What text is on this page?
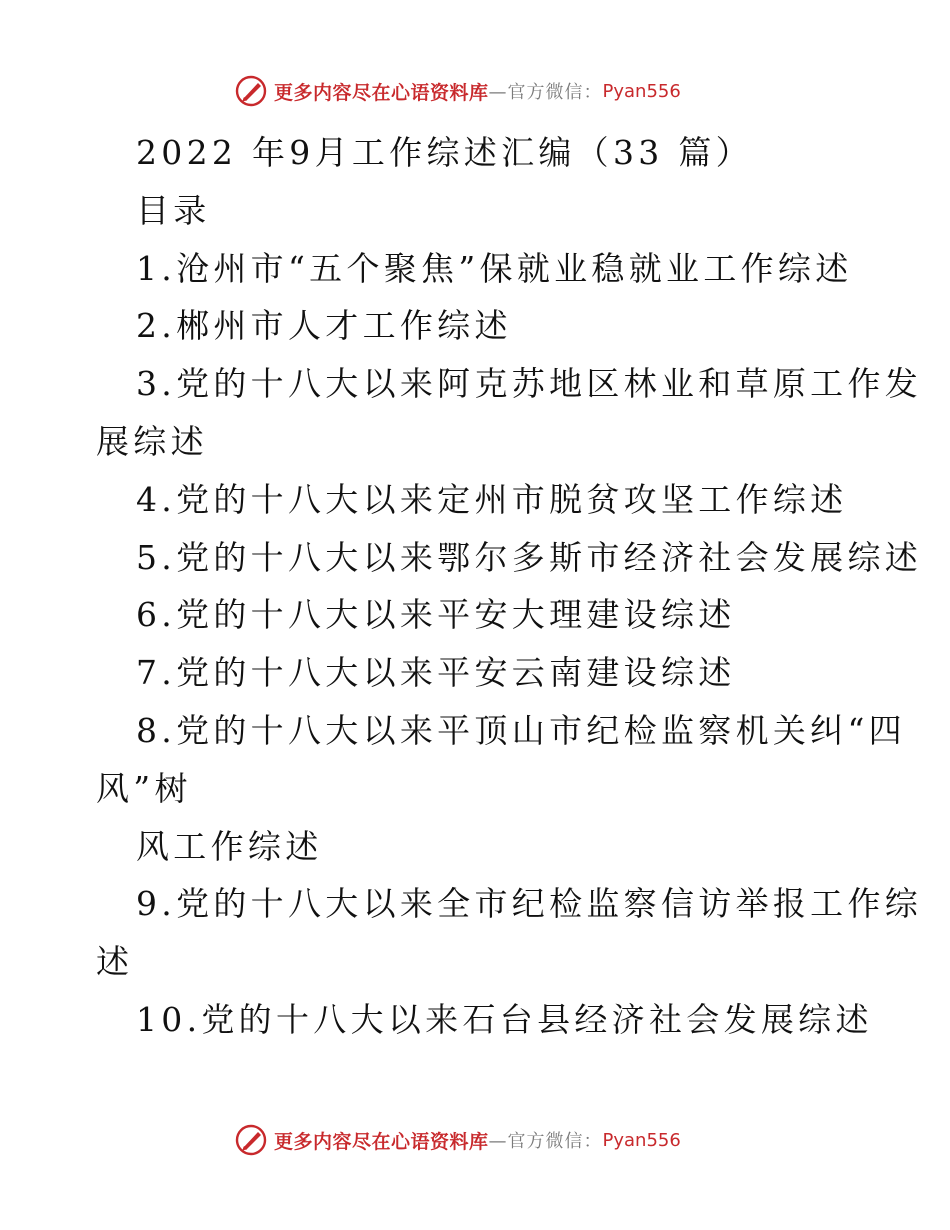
更多内容尽在心语资料库 —官方微信： Pyan556
2022 年9月工作综述汇编（33 篇）
目录
1.沧州市“五个聚焦”保就业稳就业工作综述
2.郴州市人才工作综述
3.党的十八大以来阿克苏地区林业和草原工作发
展综述
4.党的十八大以来定州市脱贫攻坚工作综述
5.党的十八大以来鄂尔多斯市经济社会发展综述
6.党的十八大以来平安大理建设综述
7.党的十八大以来平安云南建设综述
8.党的十八大以来平顶山市纪检监察机关纠“四
风”树
风工作综述
9.党的十八大以来全市纪检监察信访举报工作综
述
10.党的十八大以来石台县经济社会发展综述
更多内容尽在心语资料库 —官方微信： Pyan556
